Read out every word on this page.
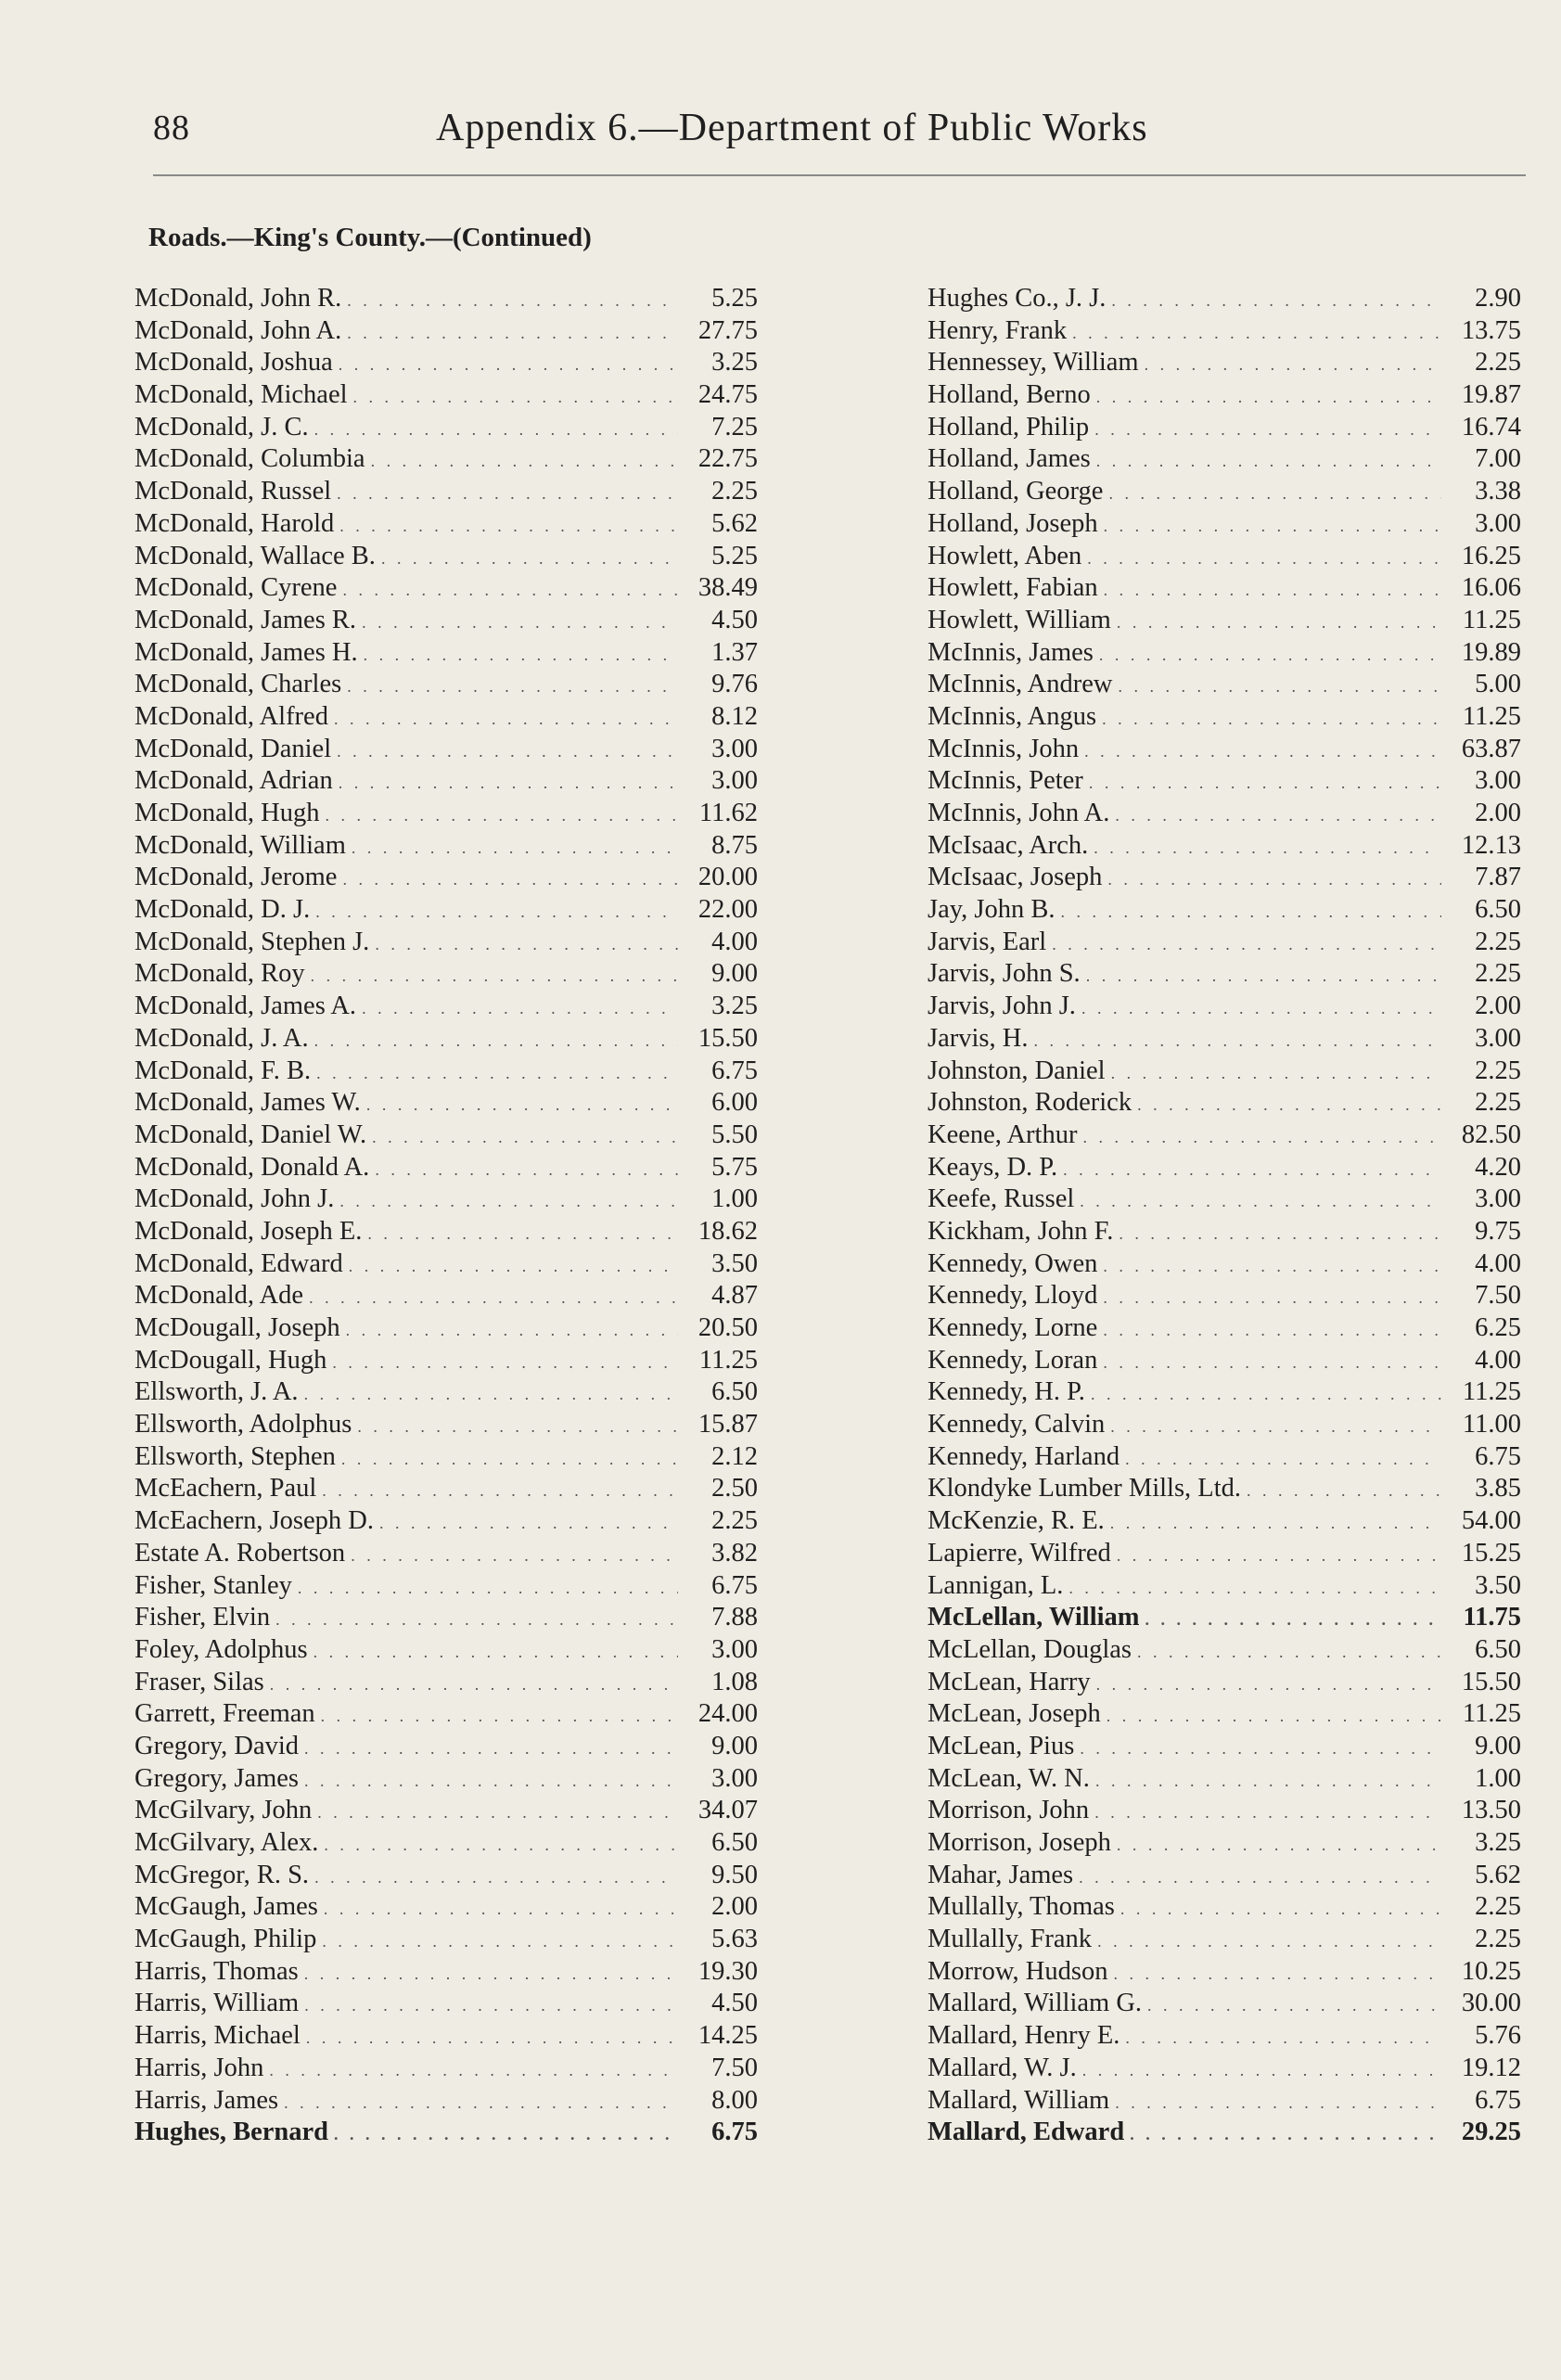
88	Appendix 6.—Department of Public Works
Roads.—King's County.—(Continued)
McDonald, John R. . . .	5.25
McDonald, John A. . . .	27.75
McDonald, Joshua . . .	3.25
McDonald, Michael . . .	24.75
McDonald, J. C. . . .	7.25
McDonald, Columbia . . .	22.75
McDonald, Russel . . .	2.25
McDonald, Harold . . .	5.62
McDonald, Wallace B. . . .	5.25
McDonald, Cyrene . . .	38.49
McDonald, James R. . . .	4.50
McDonald, James H. . . .	1.37
McDonald, Charles . . .	9.76
McDonald, Alfred . . .	8.12
McDonald, Daniel . . .	3.00
McDonald, Adrian . . .	3.00
McDonald, Hugh . . .	11.62
McDonald, William . . .	8.75
McDonald, Jerome . . .	20.00
McDonald, D. J. . . .	22.00
McDonald, Stephen J. . . .	4.00
McDonald, Roy . . .	9.00
McDonald, James A. . . .	3.25
McDonald, J. A. . . .	15.50
McDonald, F. B. . . .	6.75
McDonald, James W. . . .	6.00
McDonald, Daniel W. . . .	5.50
McDonald, Donald A. . . .	5.75
McDonald, John J. . . .	1.00
McDonald, Joseph E. . . .	18.62
McDonald, Edward . . .	3.50
McDonald, Ade . . .	4.87
McDougall, Joseph . . .	20.50
McDougall, Hugh . . .	11.25
Ellsworth, J. A. . . .	6.50
Ellsworth, Adolphus . . .	15.87
Ellsworth, Stephen . . .	2.12
McEachern, Paul . . .	2.50
McEachern, Joseph D. . . .	2.25
Estate A. Robertson . . .	3.82
Fisher, Stanley . . .	6.75
Fisher, Elvin . . .	7.88
Foley, Adolphus . . .	3.00
Fraser, Silas . . .	1.08
Garrett, Freeman . . .	24.00
Gregory, David . . .	9.00
Gregory, James . . .	3.00
McGilvary, John . . .	34.07
McGilvary, Alex. . . .	6.50
McGregor, R. S. . . .	9.50
McGaugh, James . . .	2.00
McGaugh, Philip . . .	5.63
Harris, Thomas . . .	19.30
Harris, William . . .	4.50
Harris, Michael . . .	14.25
Harris, John . . .	7.50
Harris, James . . .	8.00
Hughes, Bernard . . .	6.75
Hughes Co., J. J. . . .	2.90
Henry, Frank . . .	13.75
Hennessey, William . . .	2.25
Holland, Berno . . .	19.87
Holland, Philip . . .	16.74
Holland, James . . .	7.00
Holland, George . . .	3.38
Holland, Joseph . . .	3.00
Howlett, Aben . . .	16.25
Howlett, Fabian . . .	16.06
Howlett, William . . .	11.25
McInnis, James . . .	19.89
McInnis, Andrew . . .	5.00
McInnis, Angus . . .	11.25
McInnis, John . . .	63.87
McInnis, Peter . . .	3.00
McInnis, John A. . . .	2.00
McIsaac, Arch. . . .	12.13
McIsaac, Joseph . . .	7.87
Jay, John B. . . .	6.50
Jarvis, Earl . . .	2.25
Jarvis, John S. . . .	2.25
Jarvis, John J. . . .	2.00
Jarvis, H. . . .	3.00
Johnston, Daniel . . .	2.25
Johnston, Roderick . . .	2.25
Keene, Arthur . . .	82.50
Keays, D. P. . . .	4.20
Keefe, Russel . . .	3.00
Kickham, John F. . . .	9.75
Kennedy, Owen . . .	4.00
Kennedy, Lloyd . . .	7.50
Kennedy, Lorne . . .	6.25
Kennedy, Loran . . .	4.00
Kennedy, H. P. . . .	11.25
Kennedy, Calvin . . .	11.00
Kennedy, Harland . . .	6.75
Klondyke Lumber Mills, Ltd. . . .	3.85
McKenzie, R. E. . . .	54.00
Lapierre, Wilfred . . .	15.25
Lannigan, L. . . .	3.50
McLellan, William . . .	11.75
McLellan, Douglas . . .	6.50
McLean, Harry . . .	15.50
McLean, Joseph . . .	11.25
McLean, Pius . . .	9.00
McLean, W. N. . . .	1.00
Morrison, John . . .	13.50
Morrison, Joseph . . .	3.25
Mahar, James . . .	5.62
Mullally, Thomas . . .	2.25
Mullally, Frank . . .	2.25
Morrow, Hudson . . .	10.25
Mallard, William G. . . .	30.00
Mallard, Henry E. . . .	5.76
Mallard, W. J. . . .	19.12
Mallard, William . . .	6.75
Mallard, Edward . . .	29.25
